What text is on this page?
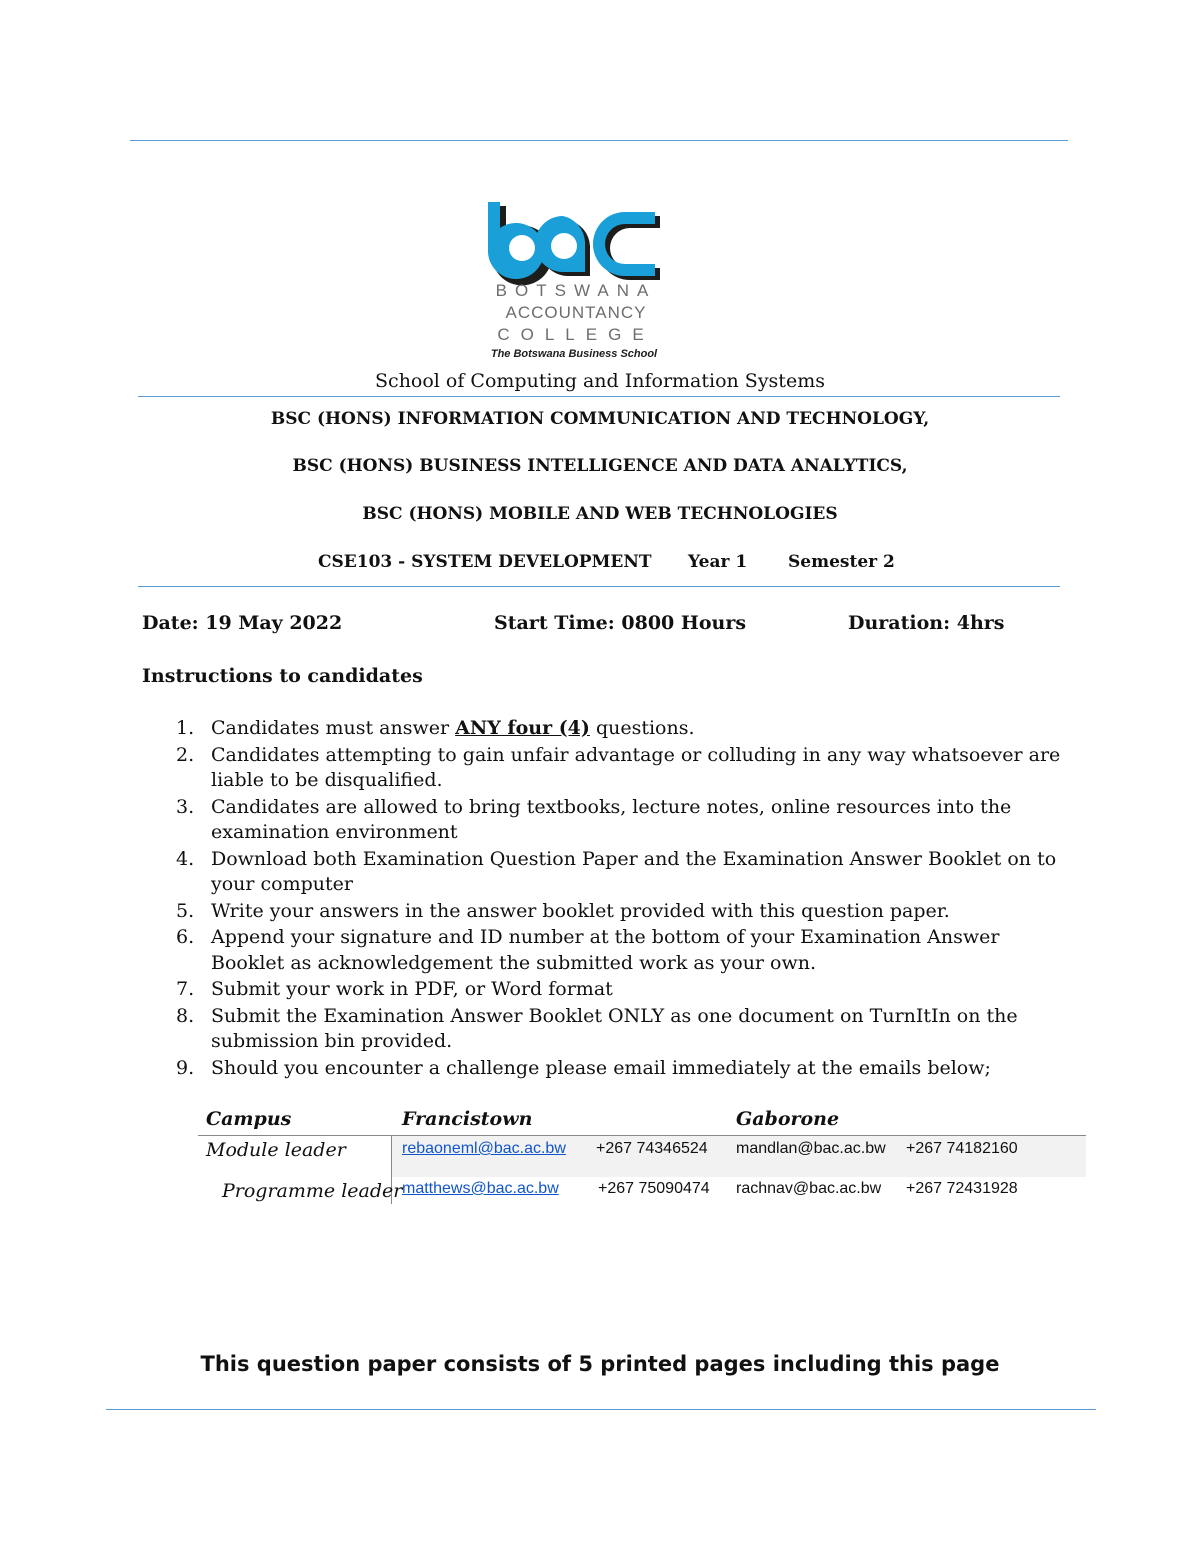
BOTSWANA
ACCOUNTANCY
COLLEGE
The Botswana Business School
School of Computing and Information Systems
BSC (HONS) INFORMATION COMMUNICATION AND TECHNOLOGY,
BSC (HONS) BUSINESS INTELLIGENCE AND DATA ANALYTICS,
BSC (HONS) MOBILE AND WEB TECHNOLOGIES
CSE103 - SYSTEM DEVELOPMENT Year 1 Semester 2
Date: 19 May 2022	Start Time: 0800 Hours	Duration: 4hrs
Instructions to candidates
1. Candidates must answer ANY four (4) questions.
2. Candidates attempting to gain unfair advantage or colluding in any way whatsoever are liable to be disqualified.
3. Candidates are allowed to bring textbooks, lecture notes, online resources into the examination environment
4. Download both Examination Question Paper and the Examination Answer Booklet on to your computer
5. Write your answers in the answer booklet provided with this question paper.
6. Append your signature and ID number at the bottom of your Examination Answer Booklet as acknowledgement the submitted work as your own.
7. Submit your work in PDF, or Word format
8. Submit the Examination Answer Booklet ONLY as one document on TurnItIn on the submission bin provided.
9. Should you encounter a challenge please email immediately at the emails below;
Campus	Francistown	Gaborone
Module leader	rebaoneml@bac.ac.bw +267 74346524 mandlan@bac.ac.bw +267 74182160
Programme leader matthews@bac.ac.bw +267 75090474 rachnav@bac.ac.bw +267 72431928
This question paper consists of 5 printed pages including this page
